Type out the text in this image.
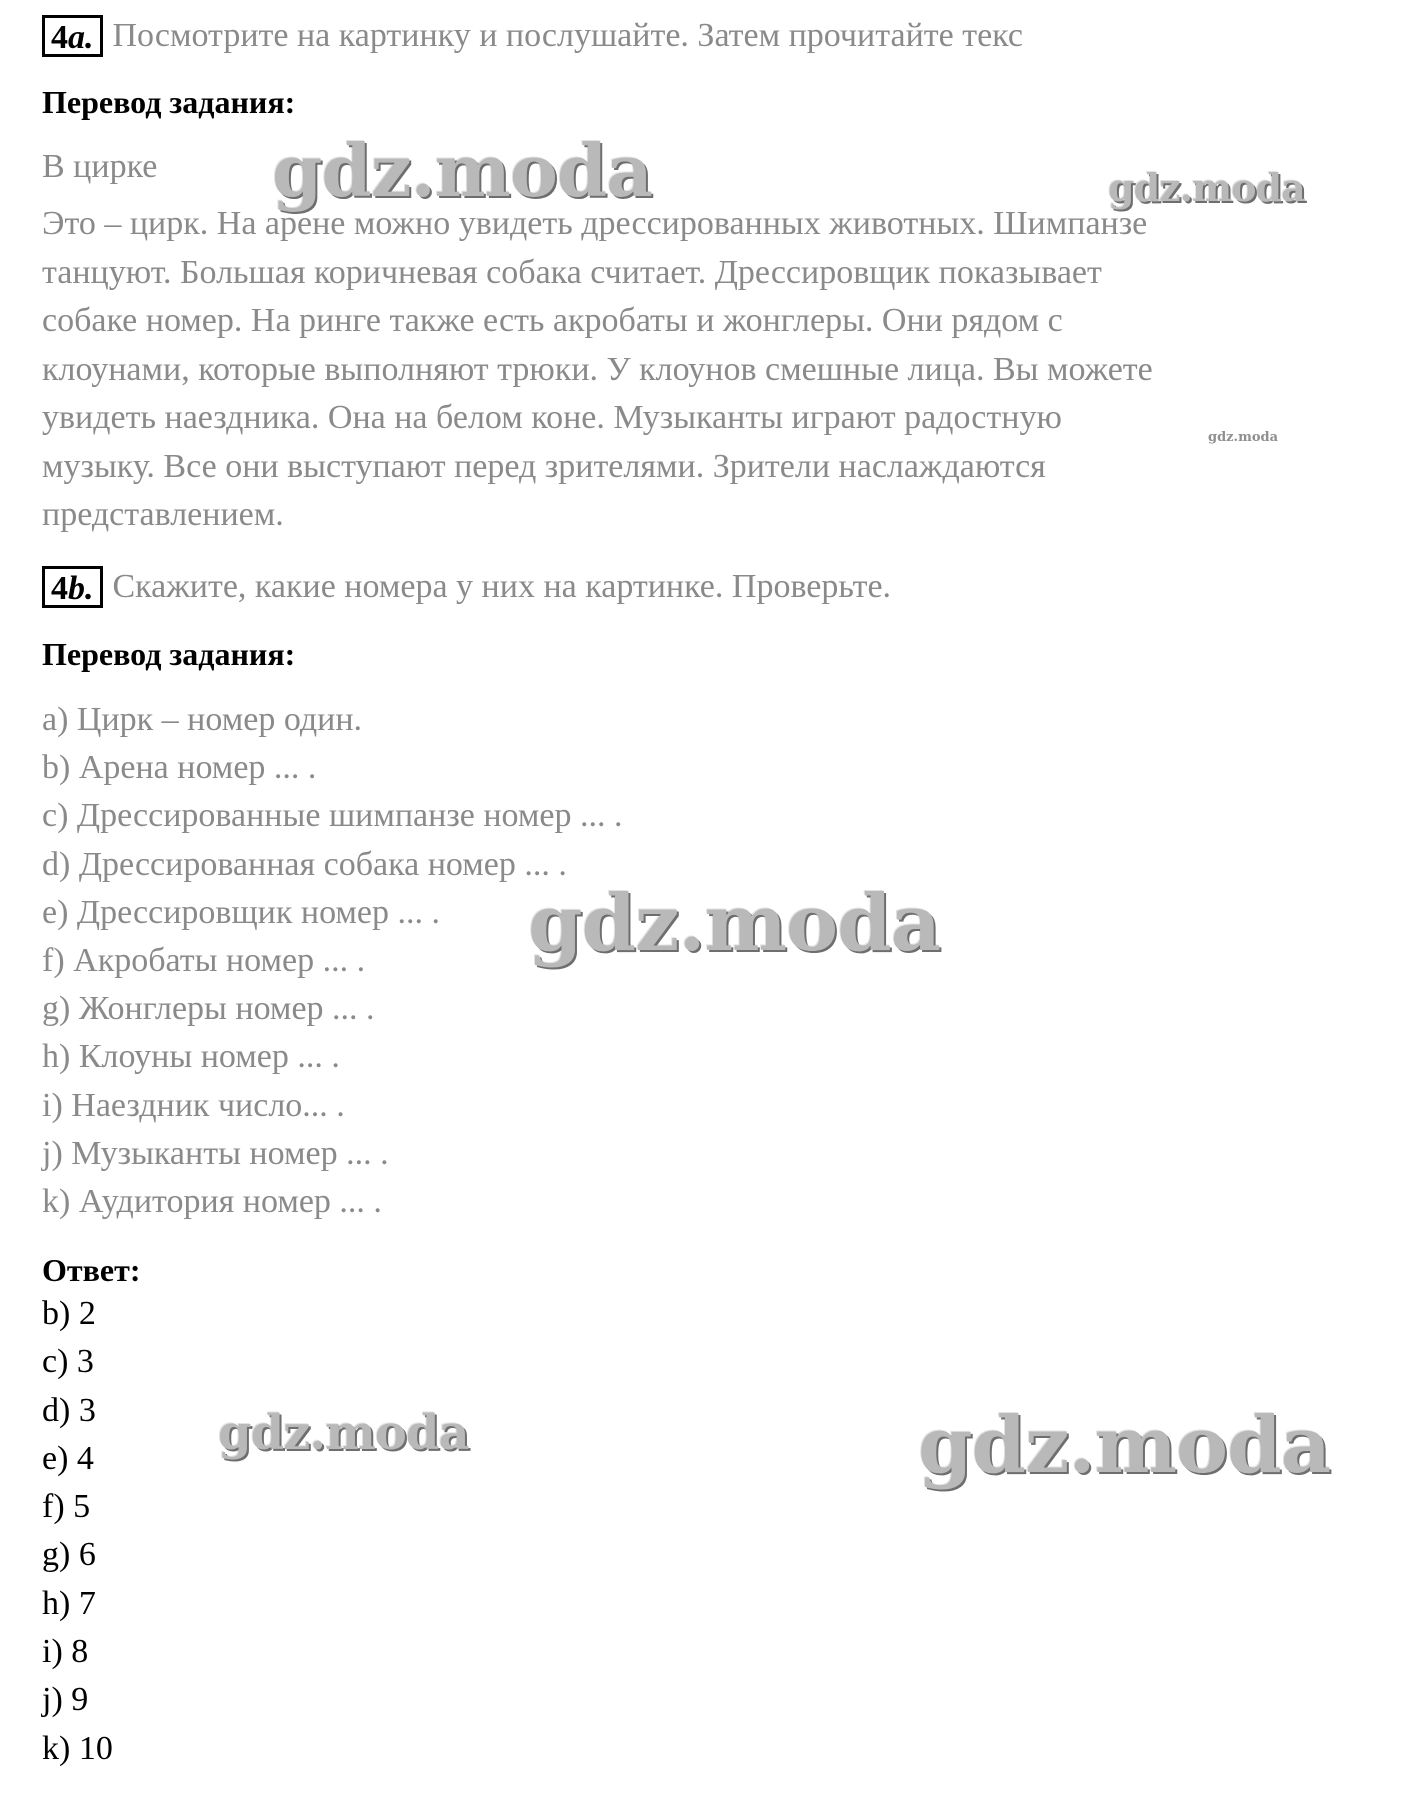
4a. Посмотрите на картинку и послушайте. Затем прочитайте текс
Перевод задания:
В цирке

Это – цирк. На арене можно увидеть дрессированных животных. Шимпанзе

танцуют. Большая коричневая собака считает. Дрессировщик показывает

собаке номер. На ринге также есть акробаты и жонглеры. Они рядом с

клоунами, которые выполняют трюки. У клоунов смешные лица. Вы можете

увидеть наездника. Она на белом коне. Музыканты играют радостную

музыку. Все они выступают перед зрителями. Зрители наслаждаются

представлением.

4b. Скажите, какие номера у них на картинке. Проверьте.
Перевод задания:
a) Цирк – номер один.
b) Арена номер ... .
c) Дрессированные шимпанзе номер ... .
d) Дрессированная собака номер ... .
e) Дрессировщик номер ... .
f) Акробаты номер ... .
g) Жонглеры номер ... .
h) Клоуны номер ... .
i) Наездник число... .
j) Музыканты номер ... .
k) Аудитория номер ... .
Ответ:
b) 2
c) 3
d) 3
e) 4
f) 5
g) 6
h) 7
i) 8
j) 9
k) 10
gdz.moda	gdz.moda
gdz.moda
gdz.moda
gdz.moda	gdz.moda
